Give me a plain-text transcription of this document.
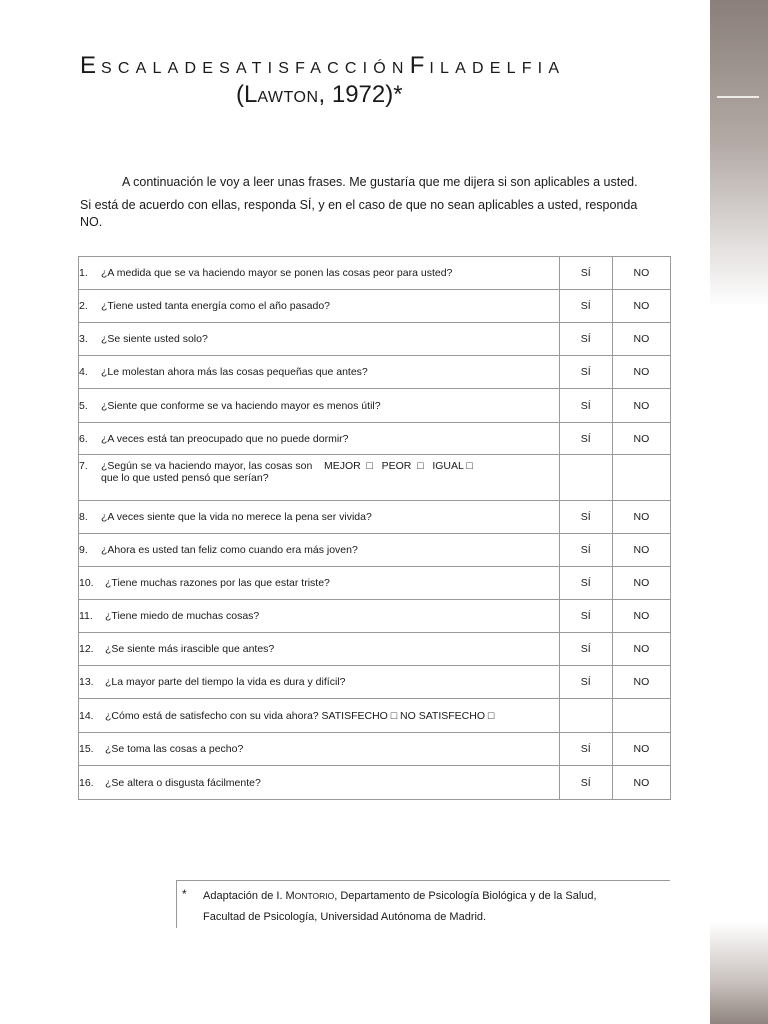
ESCALADESATISFACCIÓNFILADELFIA
(LAWTON, 1972)*
A continuación le voy a leer unas frases. Me gustaría que me dijera si son aplicables a usted.
Si está de acuerdo con ellas, responda SÍ, y en el caso de que no sean aplicables a usted, responda NO.
1. ¿A medida que se va haciendo mayor se ponen las cosas peor para usted?	SÍ	NO
2. ¿Tiene usted tanta energía como el año pasado?	SÍ	NO
3. ¿Se siente usted solo?	SÍ	NO
4. ¿Le molestan ahora más las cosas pequeñas que antes?	SÍ	NO
5. ¿Siente que conforme se va haciendo mayor es menos útil?	SÍ	NO
6. ¿A veces está tan preocupado que no puede dormir?	SÍ	NO

7. ¿Según se va haciendo mayor, las cosas son    MEJOR  □   PEOR  □   IGUAL □
que lo que usted pensó que serían?		

8. ¿A veces siente que la vida no merece la pena ser vivida?	SÍ	NO
9. ¿Ahora es usted tan feliz como cuando era más joven?	SÍ	NO
10. ¿Tiene muchas razones por las que estar triste?	SÍ	NO
11. ¿Tiene miedo de muchas cosas?	SÍ	NO
12. ¿Se siente más irascible que antes?	SÍ	NO
13. ¿La mayor parte del tiempo la vida es dura y difícil?	SÍ	NO
14. ¿Cómo está de satisfecho con su vida ahora? SATISFECHO □ NO SATISFECHO □		
15. ¿Se toma las cosas a pecho?	SÍ	NO
16. ¿Se altera o disgusta fácilmente?	SÍ	NO
* Adaptación de I. MONTORIO, Departamento de Psicología Biológica y de la Salud,
Facultad de Psicología, Universidad Autónoma de Madrid.
